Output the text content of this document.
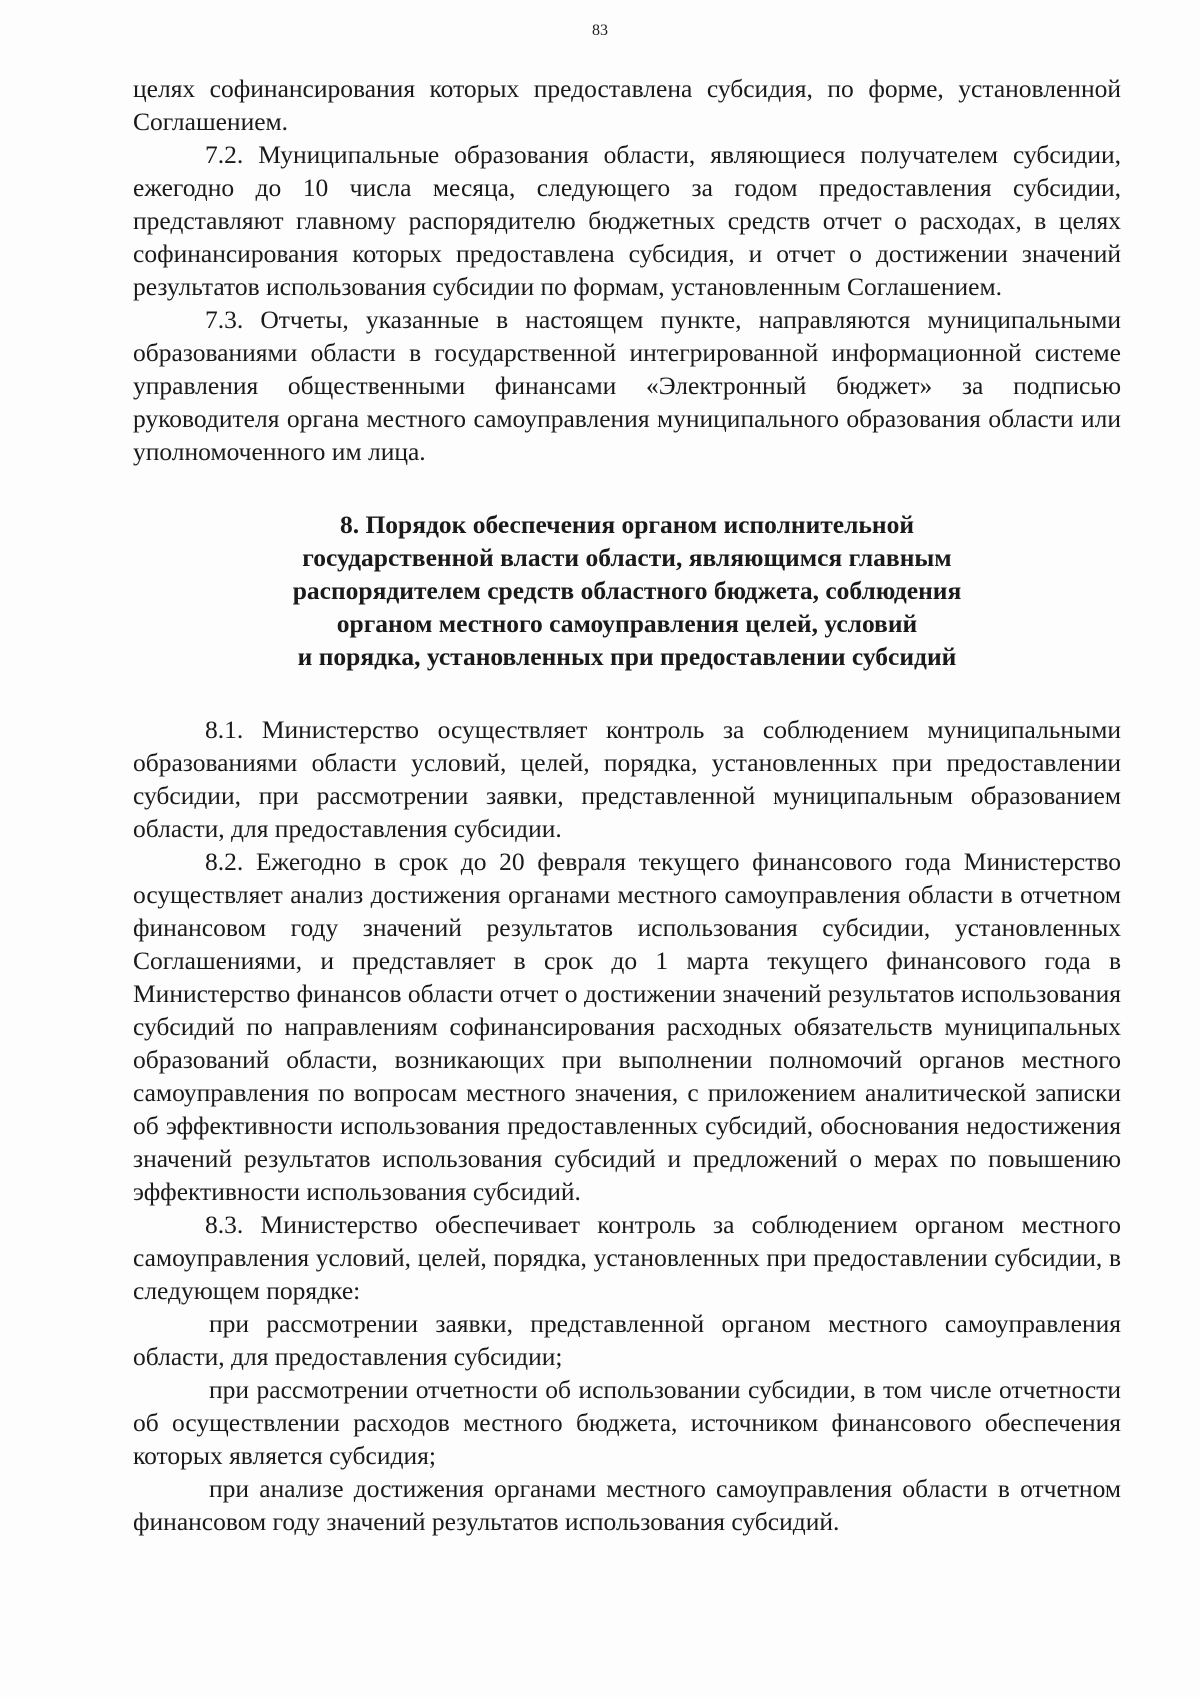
83

целях софинансирования которых предоставлена субсидия, по форме, установленной Соглашением.

7.2. Муниципальные образования области, являющиеся получателем субсидии, ежегодно до 10 числа месяца, следующего за годом предоставления субсидии, представляют главному распорядителю бюджетных средств отчет о расходах, в целях софинансирования которых предоставлена субсидия, и отчет о достижении значений результатов использования субсидии по формам, установленным Соглашением.

7.3. Отчеты, указанные в настоящем пункте, направляются муниципальными образованиями области в государственной интегрированной информационной системе управления общественными финансами «Электронный бюджет» за подписью руководителя органа местного самоуправления муниципального образования области или уполномоченного им лица.

8. Порядок обеспечения органом исполнительной
государственной власти области, являющимся главным
распорядителем средств областного бюджета, соблюдения
органом местного самоуправления целей, условий
и порядка, установленных при предоставлении субсидий

8.1. Министерство осуществляет контроль за соблюдением муниципальными образованиями области условий, целей, порядка, установленных при предоставлении субсидии, при рассмотрении заявки, представленной муниципальным образованием области, для предоставления субсидии.

8.2. Ежегодно в срок до 20 февраля текущего финансового года Министерство осуществляет анализ достижения органами местного самоуправления области в отчетном финансовом году значений результатов использования субсидии, установленных Соглашениями, и представляет в срок до 1 марта текущего финансового года в Министерство финансов области отчет о достижении значений результатов использования субсидий по направлениям софинансирования расходных обязательств муниципальных образований области, возникающих при выполнении полномочий органов местного самоуправления по вопросам местного значения, с приложением аналитической записки об эффективности использования предоставленных субсидий, обоснования недостижения значений результатов использования субсидий и предложений о мерах по повышению эффективности использования субсидий.

8.3. Министерство обеспечивает контроль за соблюдением органом местного самоуправления условий, целей, порядка, установленных при предоставлении субсидии, в следующем порядке:

при рассмотрении заявки, представленной органом местного самоуправления области, для предоставления субсидии;

при рассмотрении отчетности об использовании субсидии, в том числе отчетности об осуществлении расходов местного бюджета, источником финансового обеспечения которых является субсидия;

при анализе достижения органами местного самоуправления области в отчетном финансовом году значений результатов использования субсидий.
